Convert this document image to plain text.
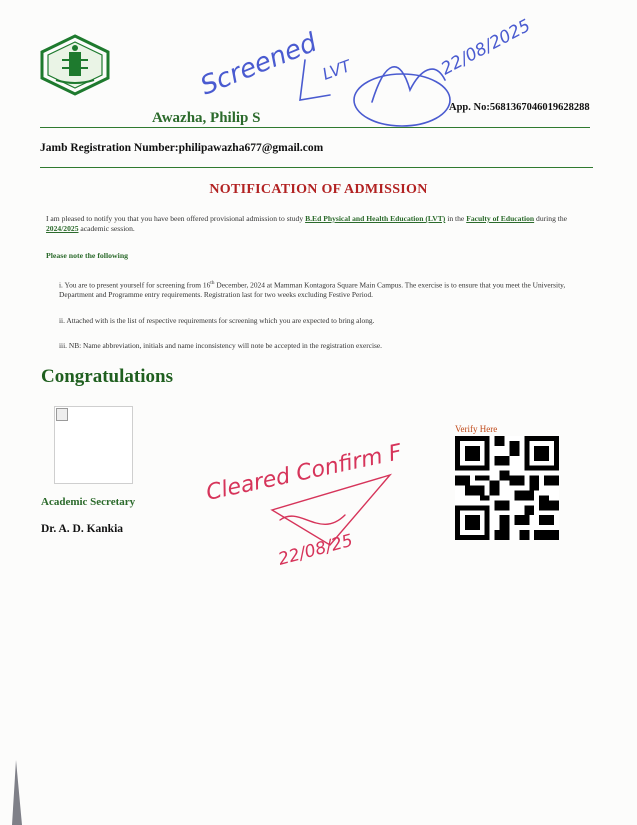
Awazha, Philip S
App. No:5681367046019628288
Jamb Registration Number:philipawazha677@gmail.com
NOTIFICATION OF ADMISSION
I am pleased to notify you that you have been offered provisional admission to study B.Ed Physical and Health Education (LVT) in the Faculty of Education during the 2024/2025 academic session.
Please note the following
i. You are to present yourself for screening from 16th December, 2024 at Mamman Kontagora Square Main Campus. The exercise is to ensure that you meet the University, Department and Programme entry requirements. Registration last for two weeks excluding Festive Period.
ii. Attached with is the list of respective requirements for screening which you are expected to bring along.
iii. NB: Name abbreviation, initials and name inconsistency will note be accepted in the registration exercise.
Congratulations
Academic Secretary
Dr. A. D. Kankia
Verify Here
Screened
LVT	22/08/2025
Cleared Confirm F
22/08/25
